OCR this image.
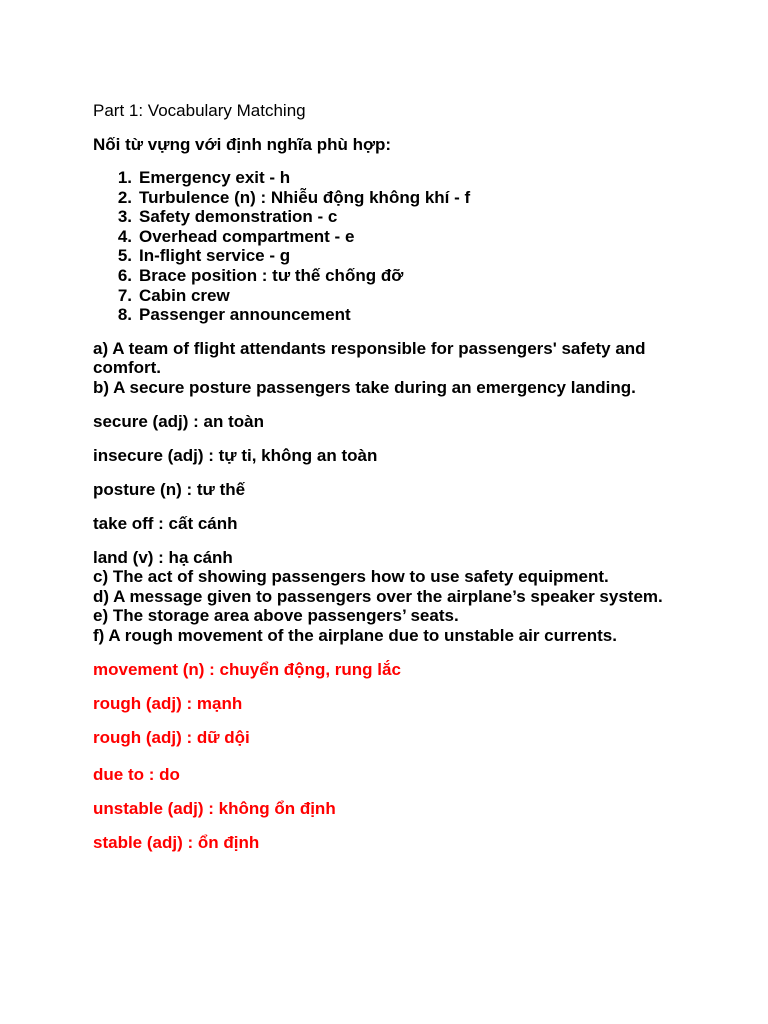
Part 1: Vocabulary Matching
Nối từ vựng với định nghĩa phù hợp:
1. Emergency exit - h
2. Turbulence (n) : Nhiễu động không khí - f
3. Safety demonstration - c
4. Overhead compartment - e
5. In-flight service - g
6. Brace position : tư thế chống đỡ
7. Cabin crew
8. Passenger announcement
a) A team of flight attendants responsible for passengers' safety and comfort.
b) A secure posture passengers take during an emergency landing.
secure (adj) : an toàn
insecure (adj) : tự ti, không an toàn
posture (n) : tư thế
take off : cất cánh
land (v) : hạ cánh
c) The act of showing passengers how to use safety equipment.
d) A message given to passengers over the airplane’s speaker system.
e) The storage area above passengers’ seats.
f) A rough movement of the airplane due to unstable air currents.
movement (n) : chuyển động, rung lắc
rough (adj) : mạnh
rough (adj) : dữ dội
due to : do
unstable (adj) : không ổn định
stable (adj) : ổn định
